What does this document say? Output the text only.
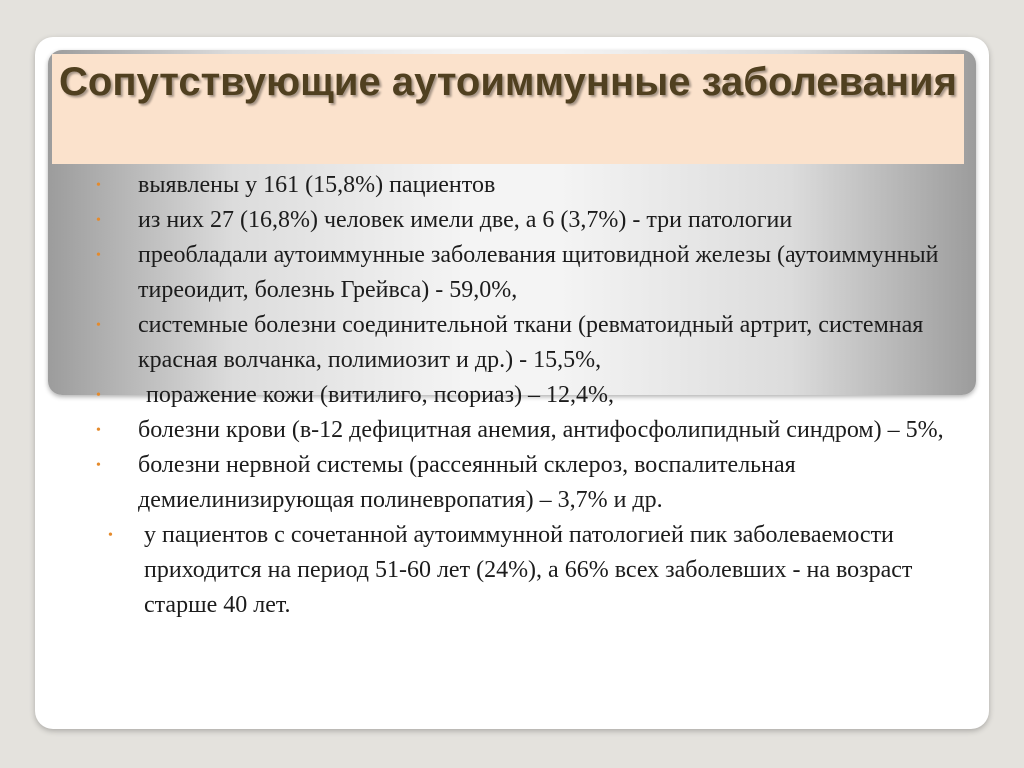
Сопутствующие аутоиммунные заболевания
• выявлены у 161 (15,8%) пациентов
• из них 27 (16,8%) человек имели две, а 6 (3,7%) - три патологии
• преобладали аутоиммунные заболевания щитовидной железы (аутоиммунный тиреоидит, болезнь Грейвса) - 59,0%,
• системные болезни соединительной ткани (ревматоидный артрит, системная красная волчанка, полимиозит и др.) - 15,5%,
• поражение кожи (витилиго, псориаз) – 12,4%,
• болезни крови (в-12 дефицитная анемия, антифосфолипидный синдром) – 5%,
• болезни нервной системы (рассеянный склероз, воспалительная демиелинизирующая полиневропатия) – 3,7% и др.
• у пациентов с сочетанной аутоиммунной патологией пик заболеваемости приходится на период 51-60 лет (24%), а 66% всех заболевших - на возраст старше 40 лет.
